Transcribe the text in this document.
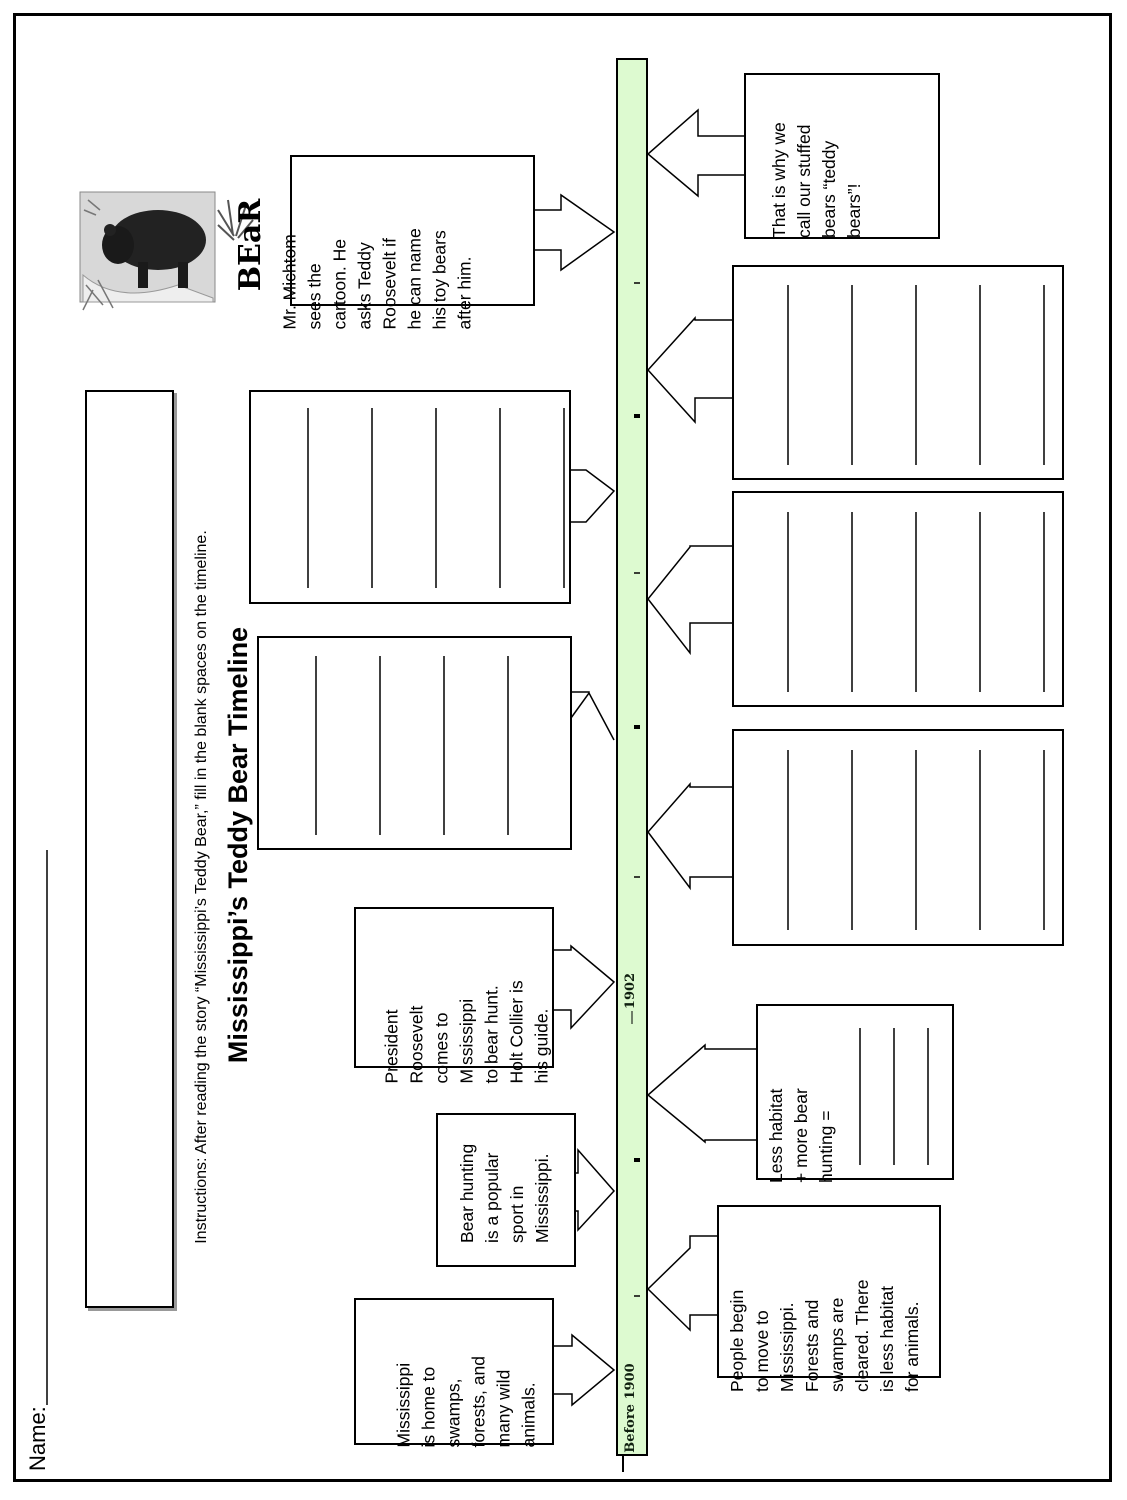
Name:
Mississippi’s Teddy Bear Timeline
Instructions: After reading the story “Mississippi’s Teddy Bear,” fill in the blank spaces on the timeline.
BEaR
Before 1900
1902
Mississippi
is home to
swamps,
forests, and
many wild
animals.
Bear hunting
is a popular
sport in
Mississippi.
President
Roosevelt
comes to
Mississippi
to bear hunt.
Holt Collier is
his guide.
Mr. Michtom
sees the
cartoon. He
asks Teddy
Roosevelt if
he can name
his toy bears
after him.
People begin
to move to
Mississippi.
Forests and
swamps are
cleared. There
is less habitat
for animals.
Less habitat
+ more bear
hunting =
That is why we
call our stuffed
bears “teddy
bears”!
